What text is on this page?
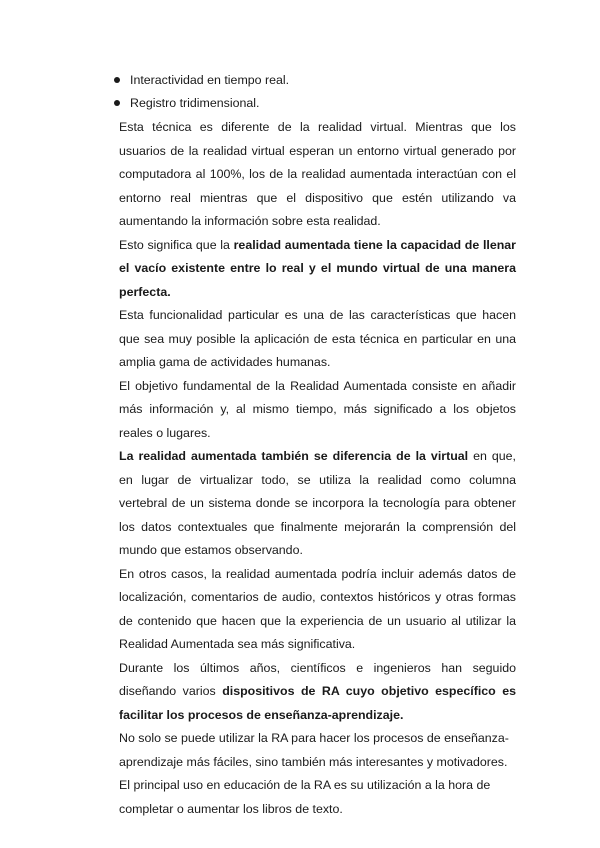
Interactividad en tiempo real.
Registro tridimensional.

Esta técnica es diferente de la realidad virtual. Mientras que los usuarios de la realidad virtual esperan un entorno virtual generado por computadora al 100%, los de la realidad aumentada interactúan con el entorno real mientras que el dispositivo que estén utilizando va aumentando la información sobre esta realidad.

Esto significa que la realidad aumentada tiene la capacidad de llenar el vacío existente entre lo real y el mundo virtual de una manera perfecta.

Esta funcionalidad particular es una de las características que hacen que sea muy posible la aplicación de esta técnica en particular en una amplia gama de actividades humanas.

El objetivo fundamental de la Realidad Aumentada consiste en añadir más información y, al mismo tiempo, más significado a los objetos reales o lugares.

La realidad aumentada también se diferencia de la virtual en que, en lugar de virtualizar todo, se utiliza la realidad como columna vertebral de un sistema donde se incorpora la tecnología para obtener los datos contextuales que finalmente mejorarán la comprensión del mundo que estamos observando.

En otros casos, la realidad aumentada podría incluir además datos de localización, comentarios de audio, contextos históricos y otras formas de contenido que hacen que la experiencia de un usuario al utilizar la Realidad Aumentada sea más significativa.

Durante los últimos años, científicos e ingenieros han seguido diseñando varios dispositivos de RA cuyo objetivo específico es facilitar los procesos de enseñanza-aprendizaje.

No solo se puede utilizar la RA para hacer los procesos de enseñanza-aprendizaje más fáciles, sino también más interesantes y motivadores. El principal uso en educación de la RA es su utilización a la hora de completar o aumentar los libros de texto.
